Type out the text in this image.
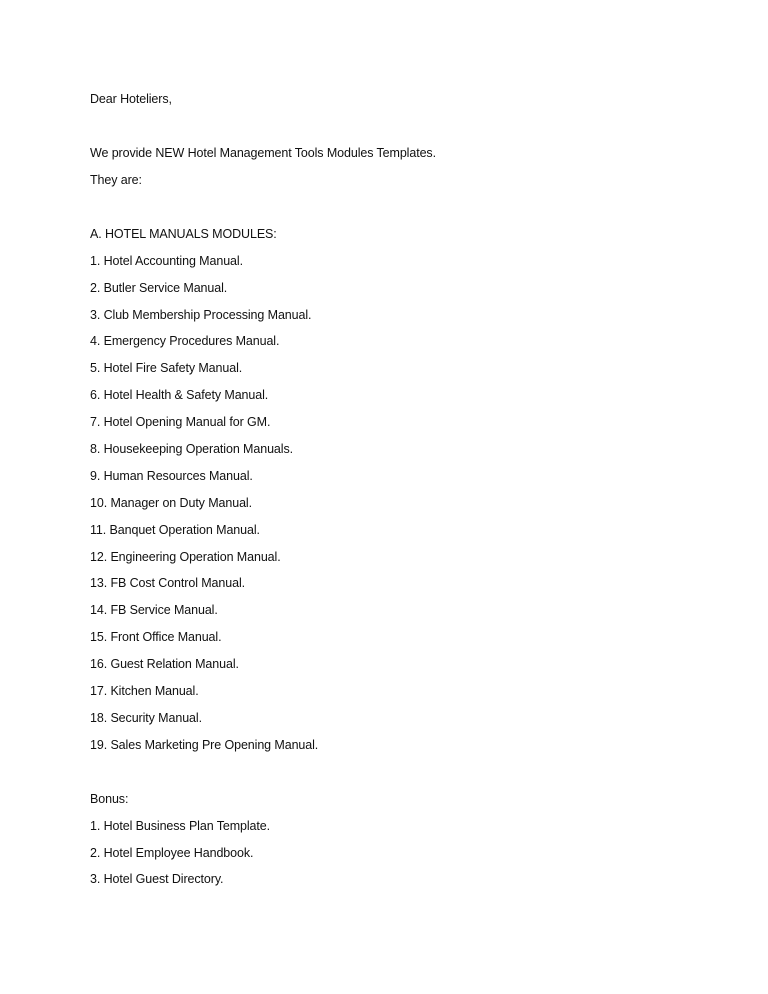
Dear Hoteliers,
We provide NEW Hotel Management Tools Modules Templates.
They are:
A. HOTEL MANUALS MODULES:
1. Hotel Accounting Manual.
2. Butler Service Manual.
3. Club Membership Processing Manual.
4. Emergency Procedures Manual.
5. Hotel Fire Safety Manual.
6. Hotel Health & Safety Manual.
7. Hotel Opening Manual for GM.
8. Housekeeping Operation Manuals.
9. Human Resources Manual.
10. Manager on Duty Manual.
11. Banquet Operation Manual.
12. Engineering Operation Manual.
13. FB Cost Control Manual.
14. FB Service Manual.
15. Front Office Manual.
16. Guest Relation Manual.
17. Kitchen Manual.
18. Security Manual.
19. Sales Marketing Pre Opening Manual.
Bonus:
1. Hotel Business Plan Template.
2. Hotel Employee Handbook.
3. Hotel Guest Directory.
